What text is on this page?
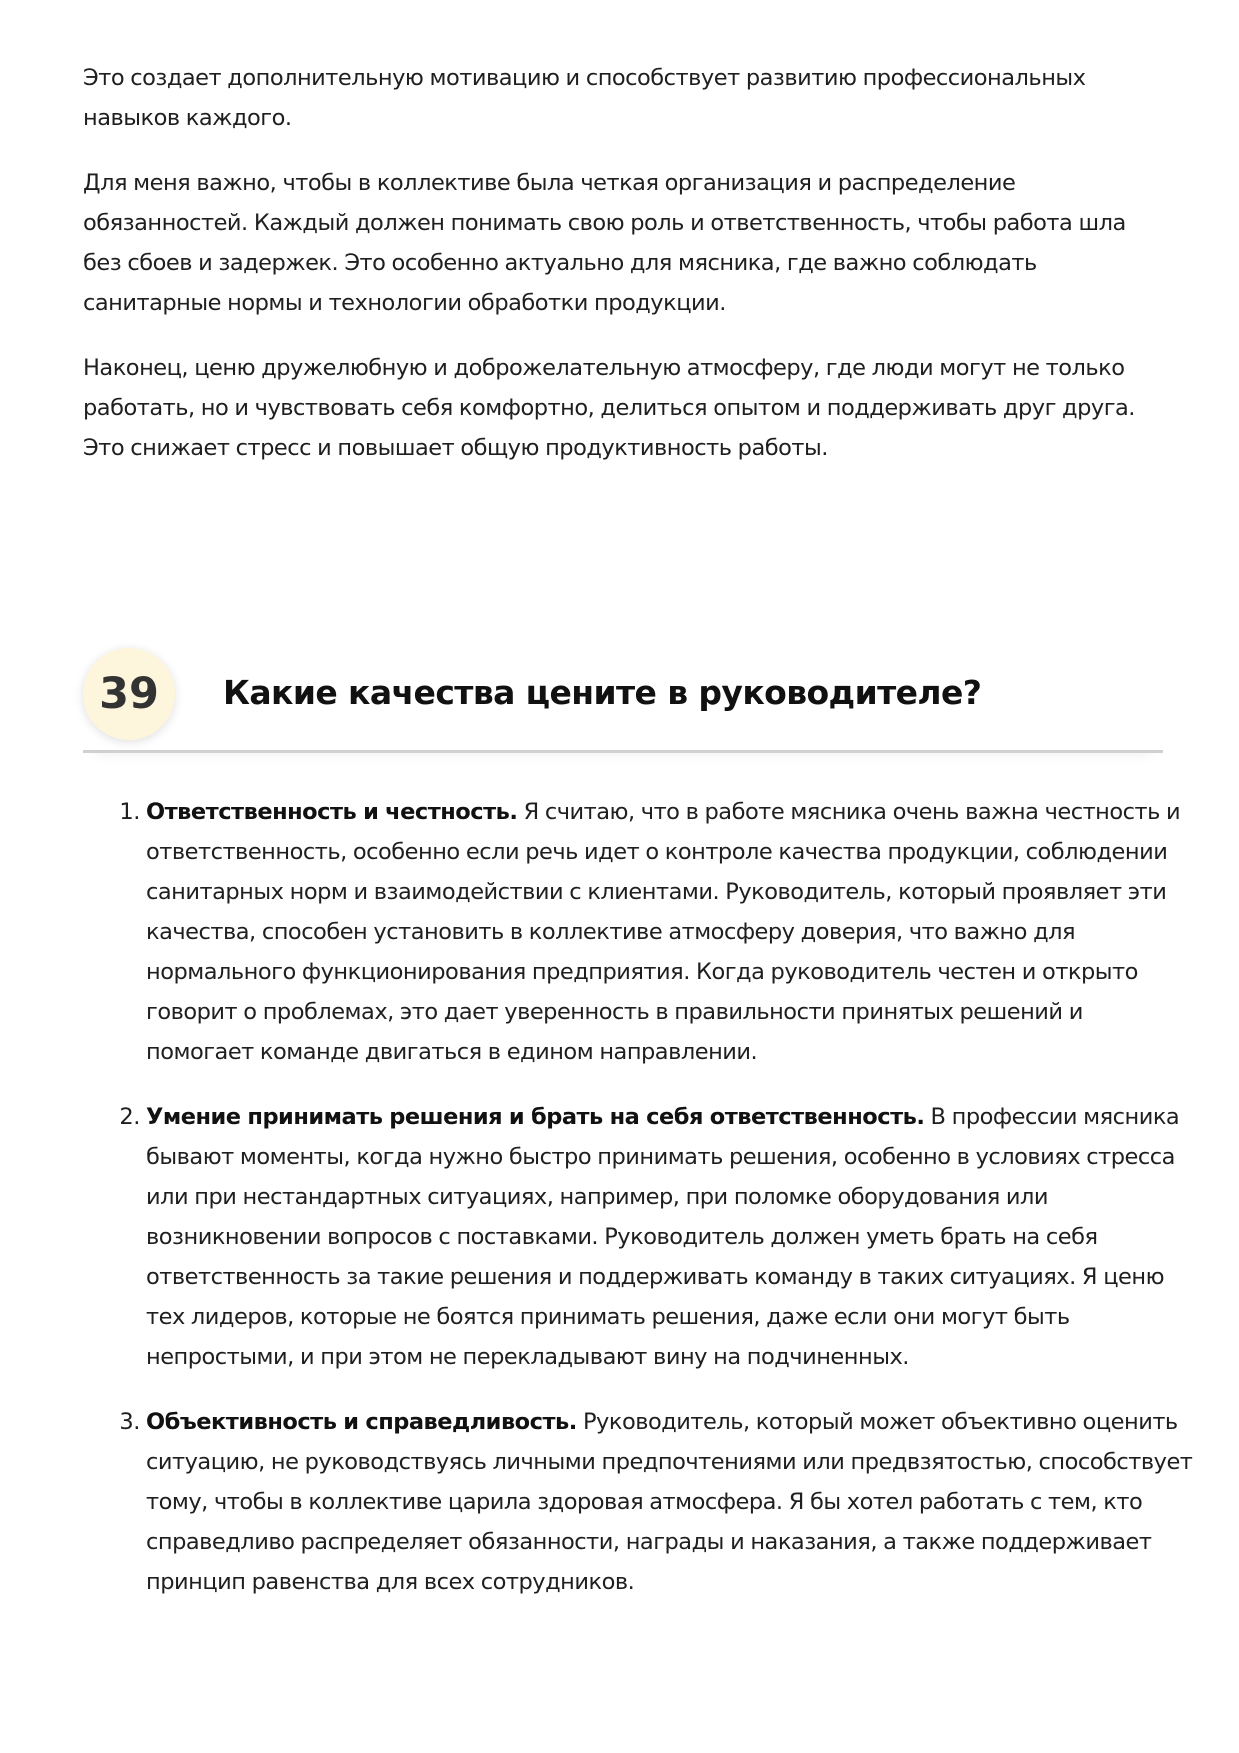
Это создает дополнительную мотивацию и способствует развитию профессиональных навыков каждого.

Для меня важно, чтобы в коллективе была четкая организация и распределение обязанностей. Каждый должен понимать свою роль и ответственность, чтобы работа шла без сбоев и задержек. Это особенно актуально для мясника, где важно соблюдать санитарные нормы и технологии обработки продукции.

Наконец, ценю дружелюбную и доброжелательную атмосферу, где люди могут не только работать, но и чувствовать себя комфортно, делиться опытом и поддерживать друг друга. Это снижает стресс и повышает общую продуктивность работы.

39	Какие качества цените в руководителе?
1. Ответственность и честность. Я считаю, что в работе мясника очень важна честность и ответственность, особенно если речь идет о контроле качества продукции, соблюдении санитарных норм и взаимодействии с клиентами. Руководитель, который проявляет эти качества, способен установить в коллективе атмосферу доверия, что важно для нормального функционирования предприятия. Когда руководитель честен и открыто говорит о проблемах, это дает уверенность в правильности принятых решений и помогает команде двигаться в едином направлении.
2. Умение принимать решения и брать на себя ответственность. В профессии мясника бывают моменты, когда нужно быстро принимать решения, особенно в условиях стресса или при нестандартных ситуациях, например, при поломке оборудования или возникновении вопросов с поставками. Руководитель должен уметь брать на себя ответственность за такие решения и поддерживать команду в таких ситуациях. Я ценю тех лидеров, которые не боятся принимать решения, даже если они могут быть непростыми, и при этом не перекладывают вину на подчиненных.
3. Объективность и справедливость. Руководитель, который может объективно оценить ситуацию, не руководствуясь личными предпочтениями или предвзятостью, способствует тому, чтобы в коллективе царила здоровая атмосфера. Я бы хотел работать с тем, кто справедливо распределяет обязанности, награды и наказания, а также поддерживает принцип равенства для всех сотрудников.
